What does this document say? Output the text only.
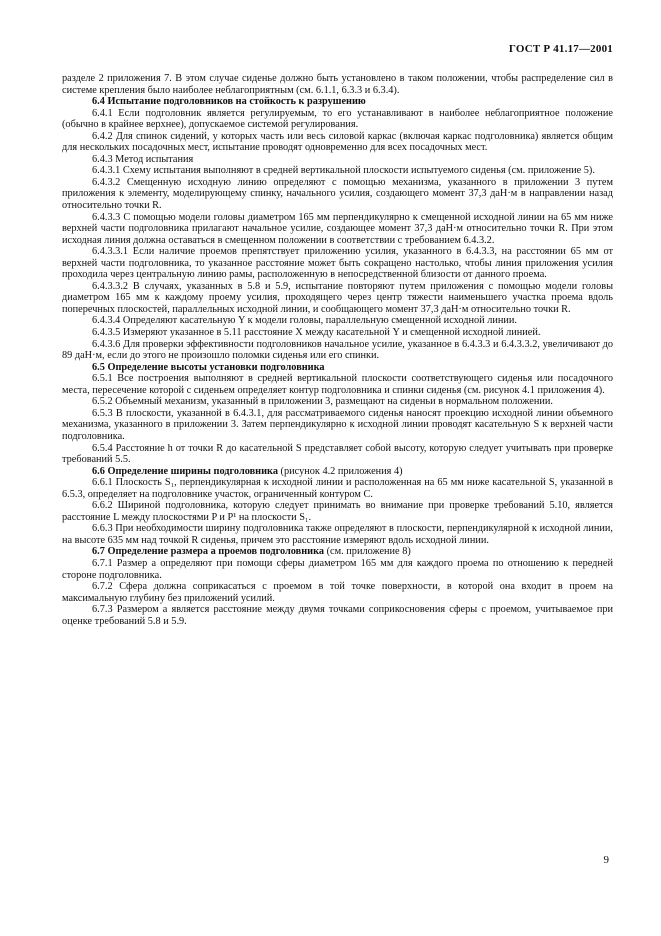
ГОСТ Р 41.17—2001

разделе 2 приложения 7. В этом случае сиденье должно быть установлено в таком положении, чтобы распределение сил в системе крепления было наиболее неблагоприятным (см. 6.1.1, 6.3.3 и 6.3.4).

6.4 Испытание подголовников на стойкость к разрушению

6.4.1 Если подголовник является регулируемым, то его устанавливают в наиболее неблагоприятное положение (обычно в крайнее верхнее), допускаемое системой регулирования.

6.4.2 Для спинок сидений, у которых часть или весь силовой каркас (включая каркас подголовника) является общим для нескольких посадочных мест, испытание проводят одновременно для всех посадочных мест.

6.4.3 Метод испытания

6.4.3.1 Схему испытания выполняют в средней вертикальной плоскости испытуемого сиденья (см. приложение 5).

6.4.3.2 Смещенную исходную линию определяют с помощью механизма, указанного в приложении 3 путем приложения к элементу, моделирующему спинку, начального усилия, создающего момент 37,3 даН·м в направлении назад относительно точки R.

6.4.3.3 С помощью модели головы диаметром 165 мм перпендикулярно к смещенной исходной линии на 65 мм ниже верхней части подголовника прилагают начальное усилие, создающее момент 37,3 даН·м относительно точки R. При этом исходная линия должна оставаться в смещенном положении в соответствии с требованием 6.4.3.2.

6.4.3.3.1 Если наличие проемов препятствует приложению усилия, указанного в 6.4.3.3, на расстоянии 65 мм от верхней части подголовника, то указанное расстояние может быть сокращено настолько, чтобы линия приложения усилия проходила через центральную линию рамы, расположенную в непосредственной близости от данного проема.

6.4.3.3.2 В случаях, указанных в 5.8 и 5.9, испытание повторяют путем приложения с помощью модели головы диаметром 165 мм к каждому проему усилия, проходящего через центр тяжести наименьшего участка проема вдоль поперечных плоскостей, параллельных исходной линии, и сообщающего момент 37,3 даН·м относительно точки R.

6.4.3.4 Определяют касательную Y к модели головы, параллельную смещенной исходной линии.

6.4.3.5 Измеряют указанное в 5.11 расстояние X между касательной Y и смещенной исходной линией.

6.4.3.6 Для проверки эффективности подголовников начальное усилие, указанное в 6.4.3.3 и 6.4.3.3.2, увеличивают до 89 даН·м, если до этого не произошло поломки сиденья или его спинки.

6.5 Определение высоты установки подголовника

6.5.1 Все построения выполняют в средней вертикальной плоскости соответствующего сиденья или посадочного места, пересечение которой с сиденьем определяет контур подголовника и спинки сиденья (см. рисунок 4.1 приложения 4).

6.5.2 Объемный механизм, указанный в приложении 3, размещают на сиденьи в нормальном положении.

6.5.3 В плоскости, указанной в 6.4.3.1, для рассматриваемого сиденья наносят проекцию исходной линии объемного механизма, указанного в приложении 3. Затем перпендикулярно к исходной линии проводят касательную S к верхней части подголовника.

6.5.4 Расстояние h от точки R до касательной S представляет собой высоту, которую следует учитывать при проверке требований 5.5.

6.6 Определение ширины подголовника (рисунок 4.2 приложения 4)

6.6.1 Плоскость S₁, перпендикулярная к исходной линии и расположенная на 65 мм ниже касательной S, указанной в 6.5.3, определяет на подголовнике участок, ограниченный контуром C.

6.6.2 Шириной подголовника, которую следует принимать во внимание при проверке требований 5.10, является расстояние L между плоскостями P и P¹ на плоскости S₁.

6.6.3 При необходимости ширину подголовника также определяют в плоскости, перпендикулярной к исходной линии, на высоте 635 мм над точкой R сиденья, причем это расстояние измеряют вдоль исходной линии.

6.7 Определение размера a проемов подголовника (см. приложение 8)

6.7.1 Размер a определяют при помощи сферы диаметром 165 мм для каждого проема по отношению к передней стороне подголовника.

6.7.2 Сфера должна соприкасаться с проемом в той точке поверхности, в которой она входит в проем на максимальную глубину без приложений усилий.

6.7.3 Размером a является расстояние между двумя точками соприкосновения сферы с проемом, учитываемое при оценке требований 5.8 и 5.9.

9
